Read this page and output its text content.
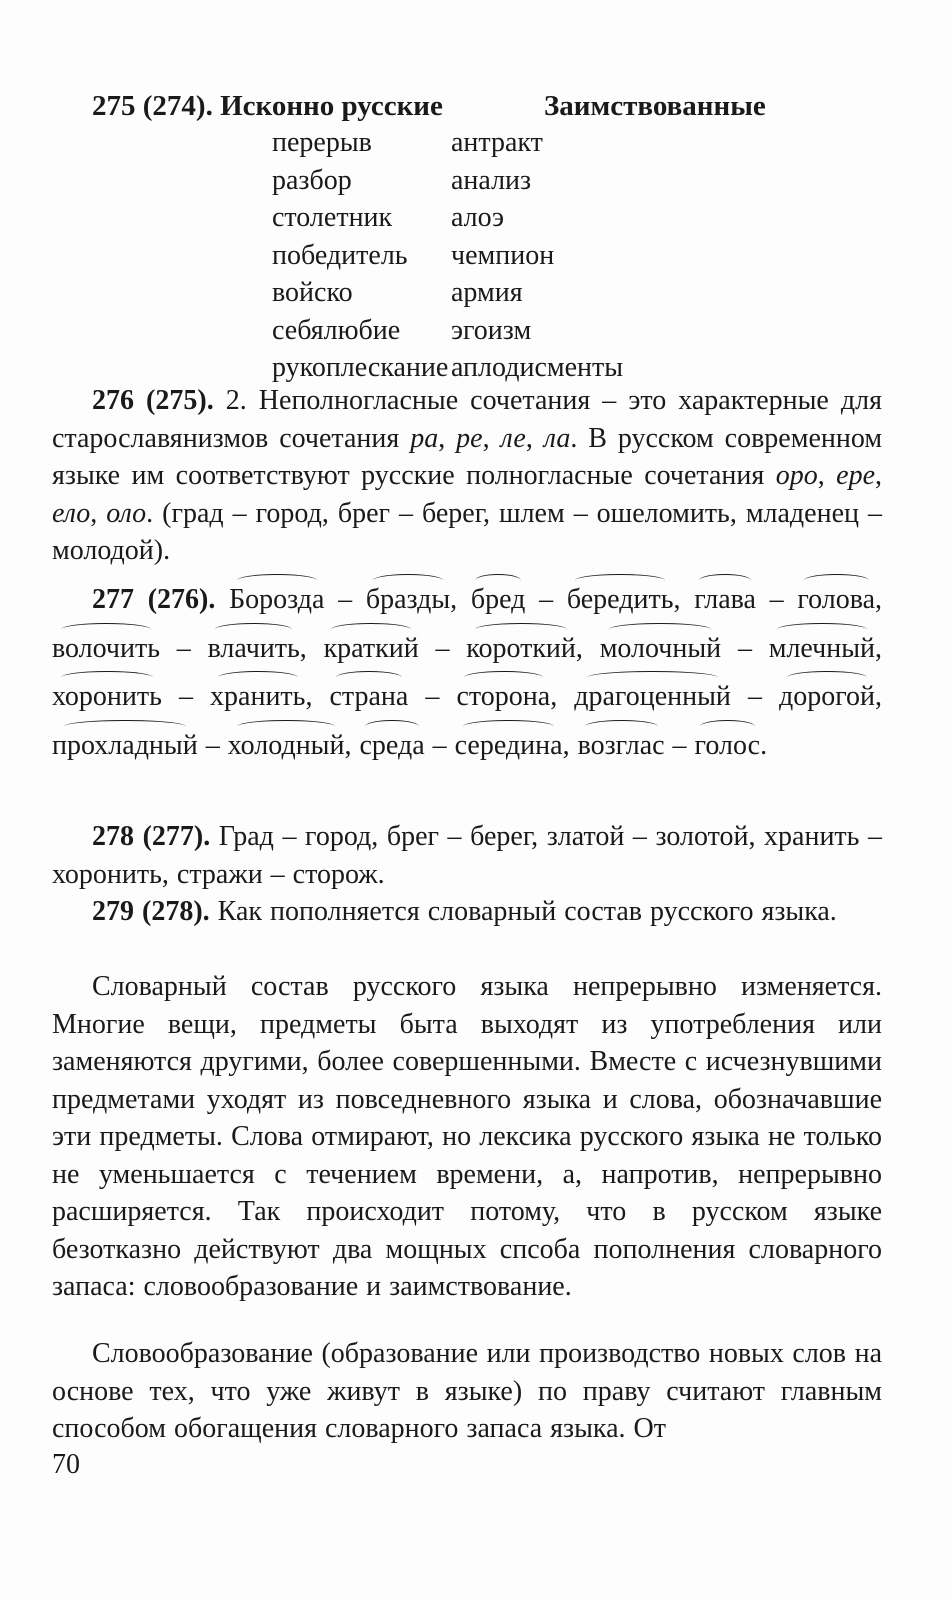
275 (274). Исконно русские	Заимствованные
перерыв
разбор
столетник
победитель
войско
себялюбие
рукоплескание
антракт
анализ
алоэ
чемпион
армия
эгоизм
аплодисменты
276 (275). 2. Неполногласные сочетания – это характерные для старославянизмов сочетания ра, ре, ле, ла. В русском современном языке им соответствуют русские полногласные сочетания оро, ере, ело, оло. (град – город, брег – берег, шлем – ошеломить, младенец – молодой).
277 (276). Борозда – бразды, бред – бередить, глава – голова, волочить – влачить, краткий – короткий, молочный – млечный, хоронить – хранить, страна – сторона, драгоценный – дорогой, прохладный – холодный, среда – середина, возглас – голос.
278 (277). Град – город, брег – берег, златой – золотой, хранить – хоронить, стражи – сторож.
279 (278). Как пополняется словарный состав русского языка.
Словарный состав русского языка непрерывно изменяется. Многие вещи, предметы быта выходят из употребления или заменяются другими, более совершенными. Вместе с исчезнувшими предметами уходят из повседневного языка и слова, обозначавшие эти предметы. Слова отмирают, но лексика русского языка не только не уменьшается с течением времени, а, напротив, непрерывно расширяется. Так происходит потому, что в русском языке безотказно действуют два мощных спсоба пополнения словарного запаса: словообразование и заимствование.
Словообразование (образование или производство новых слов на основе тех, что уже живут в языке) по праву считают главным способом обогащения словарного запаса языка. От
70
